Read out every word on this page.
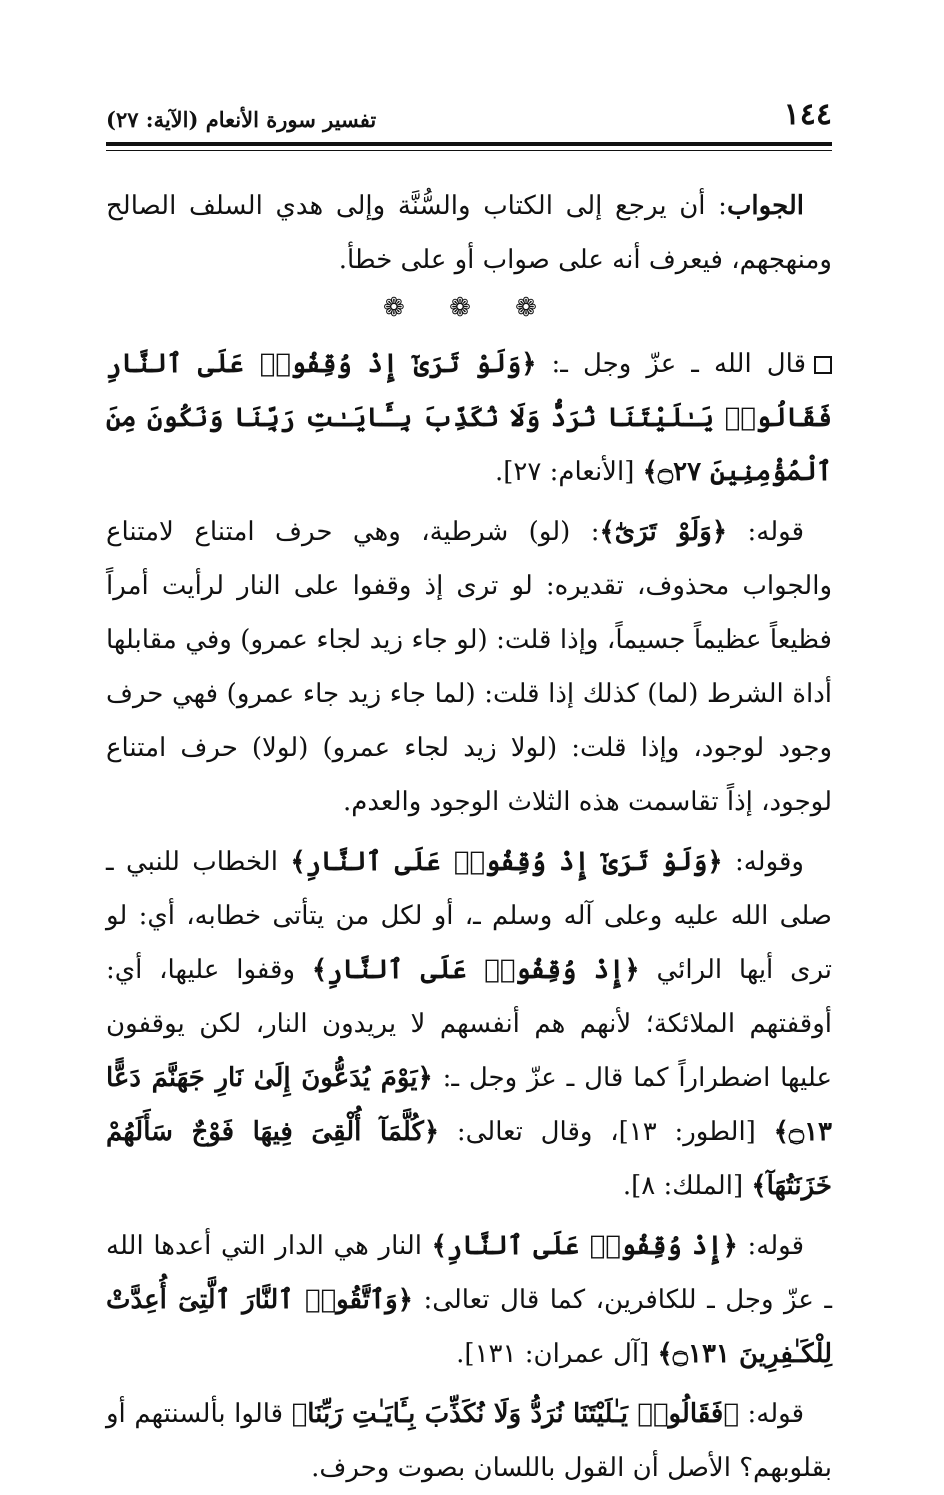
١٤٤
تفسير سورة الأنعام (الآية: ٢٧)

الجواب: أن يرجع إلى الكتاب والسُّنَّة وإلى هدي السلف الصالح ومنهجهم، فيعرف أنه على صواب أو على خطأ.

❁ ❁ ❁

قال الله ـ عزّ وجل ـ: ﴿وَلَوْ تَرَىٰٓ إِذْ وُقِفُوا۟ عَلَى ٱلنَّارِ فَقَالُوا۟ يَـٰلَيْتَنَا نُرَدُّ وَلَا نُكَذِّبَ بِـَٔايَـٰتِ رَبِّنَا وَنَكُونَ مِنَ ٱلْمُؤْمِنِينَ ۝٢٧﴾ [الأنعام: ٢٧].

قوله: ﴿وَلَوْ تَرَىٰٓ﴾: (لو) شرطية، وهي حرف امتناع لامتناع والجواب محذوف، تقديره: لو ترى إذ وقفوا على النار لرأيت أمراً فظيعاً عظيماً جسيماً، وإذا قلت: (لو جاء زيد لجاء عمرو) وفي مقابلها أداة الشرط (لما) كذلك إذا قلت: (لما جاء زيد جاء عمرو) فهي حرف وجود لوجود، وإذا قلت: (لولا زيد لجاء عمرو) (لولا) حرف امتناع لوجود، إذاً تقاسمت هذه الثلاث الوجود والعدم.

وقوله: ﴿وَلَوْ تَرَىٰٓ إِذْ وُقِفُوا۟ عَلَى ٱلنَّارِ﴾ الخطاب للنبي ـ صلى الله عليه وعلى آله وسلم ـ، أو لكل من يتأتى خطابه، أي: لو ترى أيها الرائي ﴿إِذْ وُقِفُوا۟ عَلَى ٱلنَّارِ﴾ وقفوا عليها، أي: أوقفتهم الملائكة؛ لأنهم هم أنفسهم لا يريدون النار، لكن يوقفون عليها اضطراراً كما قال ـ عزّ وجل ـ: ﴿يَوْمَ يُدَعُّونَ إِلَىٰ نَارِ جَهَنَّمَ دَعًّا ۝١٣﴾ [الطور: ١٣]، وقال تعالى: ﴿كُلَّمَآ أُلْقِىَ فِيهَا فَوْجٌ سَأَلَهُمْ خَزَنَتُهَآ﴾ [الملك: ٨].

قوله: ﴿إِذْ وُقِفُوا۟ عَلَى ٱلنَّارِ﴾ النار هي الدار التي أعدها الله ـ عزّ وجل ـ للكافرين، كما قال تعالى: ﴿وَٱتَّقُوا۟ ٱلنَّارَ ٱلَّتِىٓ أُعِدَّتْ لِلْكَـٰفِرِينَ ۝١٣١﴾ [آل عمران: ١٣١].

قوله: ﴿فَقَالُوا۟ يَـٰلَيْتَنَا نُرَدُّ وَلَا نُكَذِّبَ بِـَٔايَـٰتِ رَبِّنَا﴾ قالوا بألسنتهم أو بقلوبهم؟ الأصل أن القول باللسان بصوت وحرف.
